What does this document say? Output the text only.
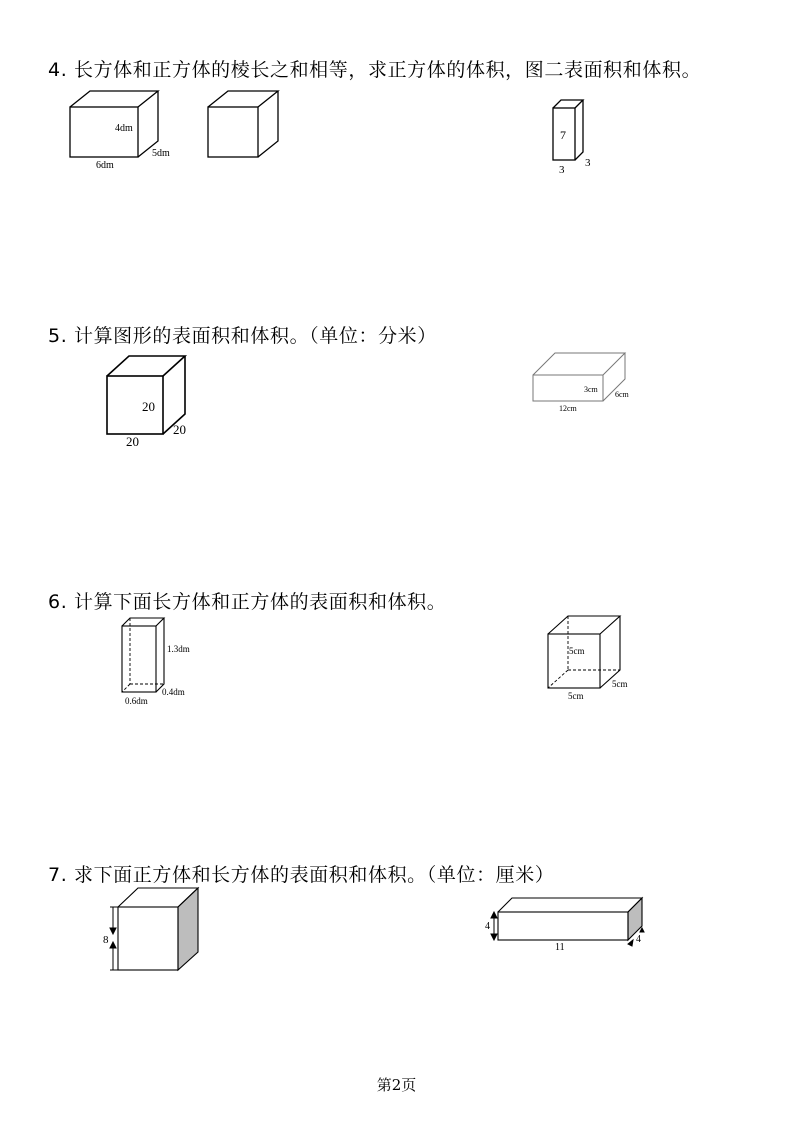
4. 长方体和正方体的棱长之和相等，求正方体的体积，图二表面积和体积。
4dm
5dm
6dm
7
3
3
5. 计算图形的表面积和体积。（单位：分米）
20
20
20
3cm
6cm
12cm
6. 计算下面长方体和正方体的表面积和体积。
1.3dm
0.4dm
0.6dm
5cm
5cm
5cm
7. 求下面正方体和长方体的表面积和体积。（单位：厘米）
8
4
11
4
第2页
